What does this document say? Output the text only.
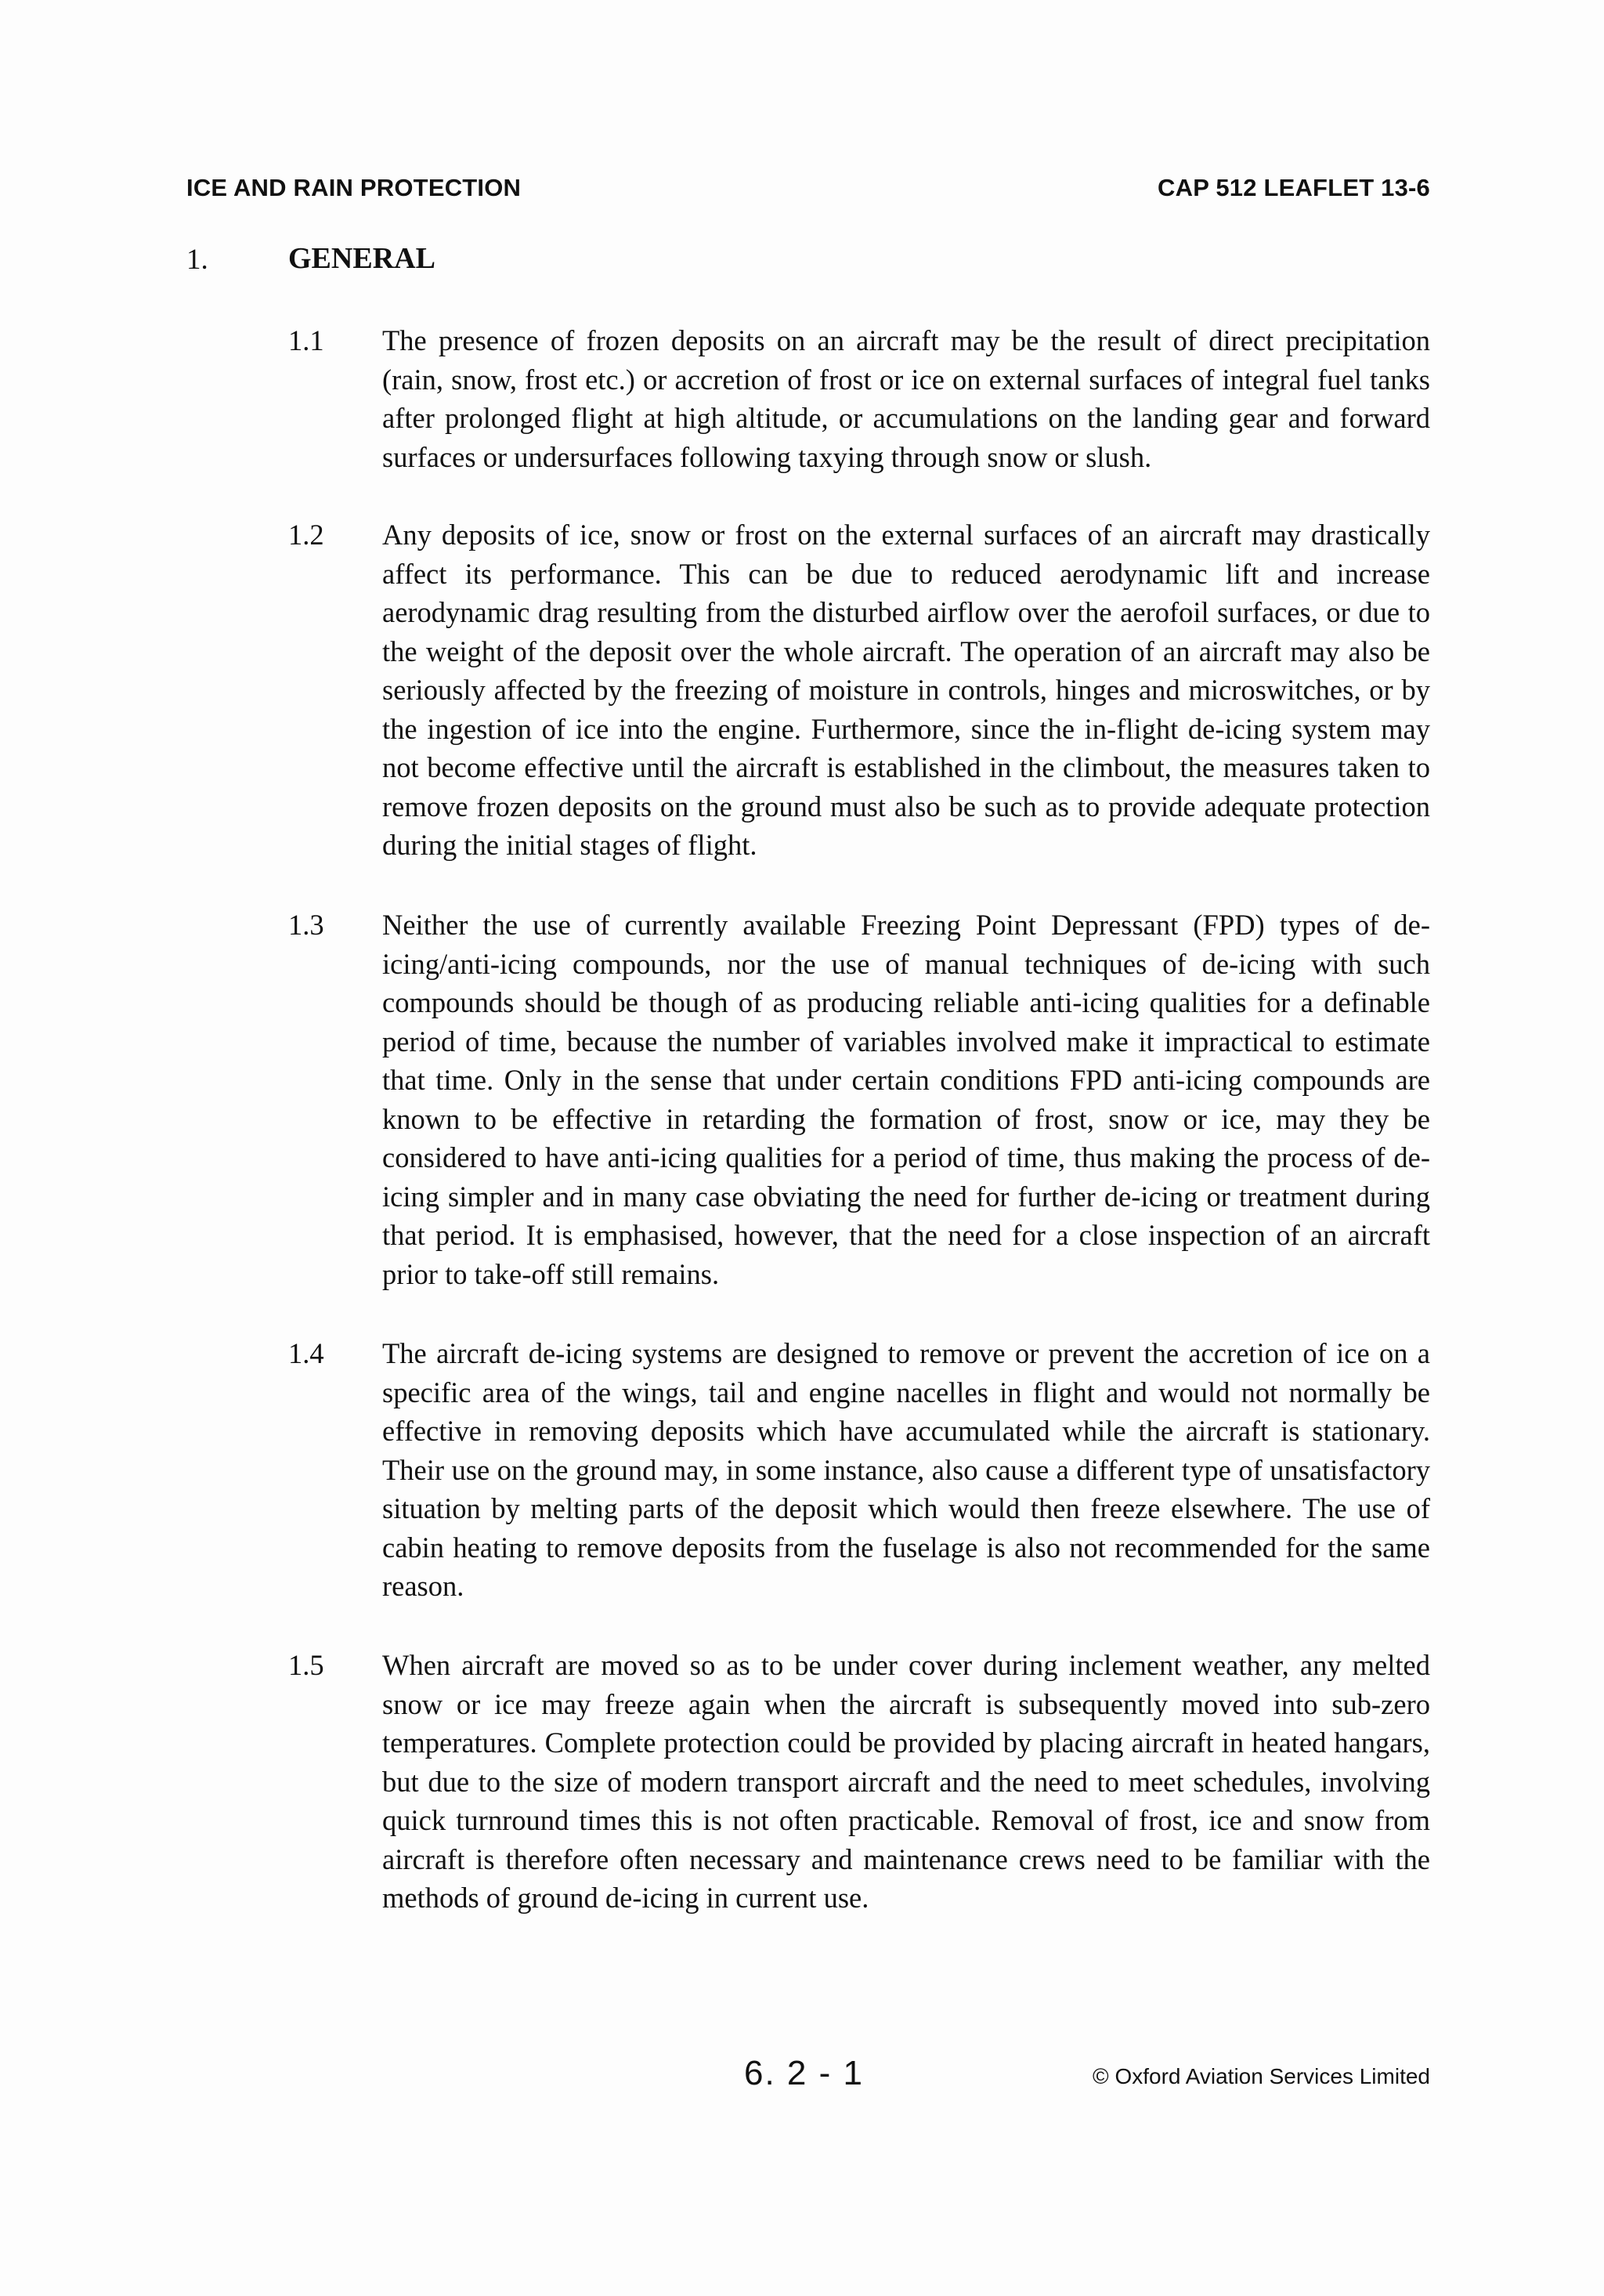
ICE AND RAIN PROTECTION	CAP 512 LEAFLET 13-6
1.	GENERAL
1.1 The presence of frozen deposits on an aircraft may be the result of direct precipitation (rain, snow, frost etc.) or accretion of frost or ice on external surfaces of integral fuel tanks after prolonged flight at high altitude, or accumulations on the landing gear and forward surfaces or undersurfaces following taxying through snow or slush.

1.2 Any deposits of ice, snow or frost on the external surfaces of an aircraft may drastically affect its performance. This can be due to reduced aerodynamic lift and increase aerodynamic drag resulting from the disturbed airflow over the aerofoil surfaces, or due to the weight of the deposit over the whole aircraft. The operation of an aircraft may also be seriously affected by the freezing of moisture in controls, hinges and microswitches, or by the ingestion of ice into the engine. Furthermore, since the in-flight de-icing system may not become effective until the aircraft is established in the climbout, the measures taken to remove frozen deposits on the ground must also be such as to provide adequate protection during the initial stages of flight.

1.3 Neither the use of currently available Freezing Point Depressant (FPD) types of de-icing/anti-icing compounds, nor the use of manual techniques of de-icing with such compounds should be though of as producing reliable anti-icing qualities for a definable period of time, because the number of variables involved make it impractical to estimate that time. Only in the sense that under certain conditions FPD anti-icing compounds are known to be effective in retarding the formation of frost, snow or ice, may they be considered to have anti-icing qualities for a period of time, thus making the process of de-icing simpler and in many case obviating the need for further de-icing or treatment during that period. It is emphasised, however, that the need for a close inspection of an aircraft prior to take-off still remains.

1.4 The aircraft de-icing systems are designed to remove or prevent the accretion of ice on a specific area of the wings, tail and engine nacelles in flight and would not normally be effective in removing deposits which have accumulated while the aircraft is stationary. Their use on the ground may, in some instance, also cause a different type of unsatisfactory situation by melting parts of the deposit which would then freeze elsewhere. The use of cabin heating to remove deposits from the fuselage is also not recommended for the same reason.

1.5 When aircraft are moved so as to be under cover during inclement weather, any melted snow or ice may freeze again when the aircraft is subsequently moved into sub-zero temperatures. Complete protection could be provided by placing aircraft in heated hangars, but due to the size of modern transport aircraft and the need to meet schedules, involving quick turnround times this is not often practicable. Removal of frost, ice and snow from aircraft is therefore often necessary and maintenance crews need to be familiar with the methods of ground de-icing in current use.

6. 2 - 1	© Oxford Aviation Services Limited
